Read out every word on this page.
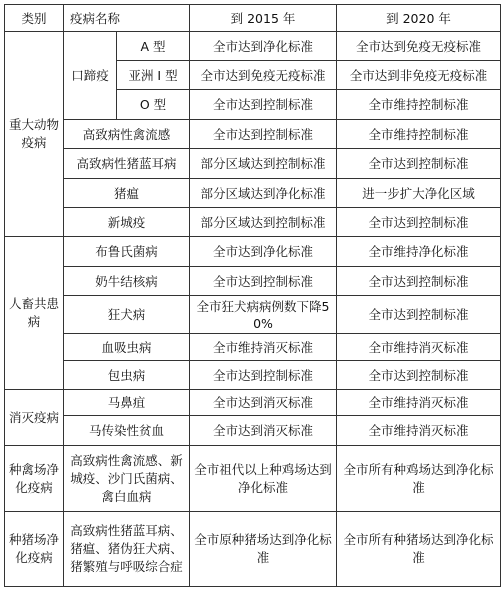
类别	疫病名称		到 2015 年	到 2020 年
重大动物疫病	口蹄疫	A 型	全市达到净化标准	全市达到免疫无疫标准
		亚洲 I 型	全市达到免疫无疫标准	全市达到非免疫无疫标准
		O 型	全市达到控制标准	全市维持控制标准
	高致病性禽流感		全市达到控制标准	全市维持控制标准
	高致病性猪蓝耳病		部分区域达到控制标准	全市达到控制标准
	猪瘟		部分区域达到净化标准	进一步扩大净化区域
	新城疫		部分区域达到控制标准	全市达到控制标准
人畜共患病	布鲁氏菌病		全市达到净化标准	全市维持净化标准
	奶牛结核病		全市达到控制标准	全市达到控制标准
	狂犬病		全市狂犬病病例数下降50%	全市达到控制标准
	血吸虫病		全市维持消灭标准	全市维持消灭标准
	包虫病		全市达到控制标准	全市达到控制标准
消灭疫病	马鼻疽		全市达到消灭标准	全市维持消灭标准
	马传染性贫血		全市达到消灭标准	全市维持消灭标准
种禽场净化疫病	高致病性禽流感、新城疫、沙门氏菌病、禽白血病		全市祖代以上种鸡场达到净化标准	全市所有种鸡场达到净化标准
种猪场净化疫病	高致病性猪蓝耳病、猪瘟、猪伪狂犬病、猪繁殖与呼吸综合症		全市原种猪场达到净化标准	全市所有种猪场达到净化标准
